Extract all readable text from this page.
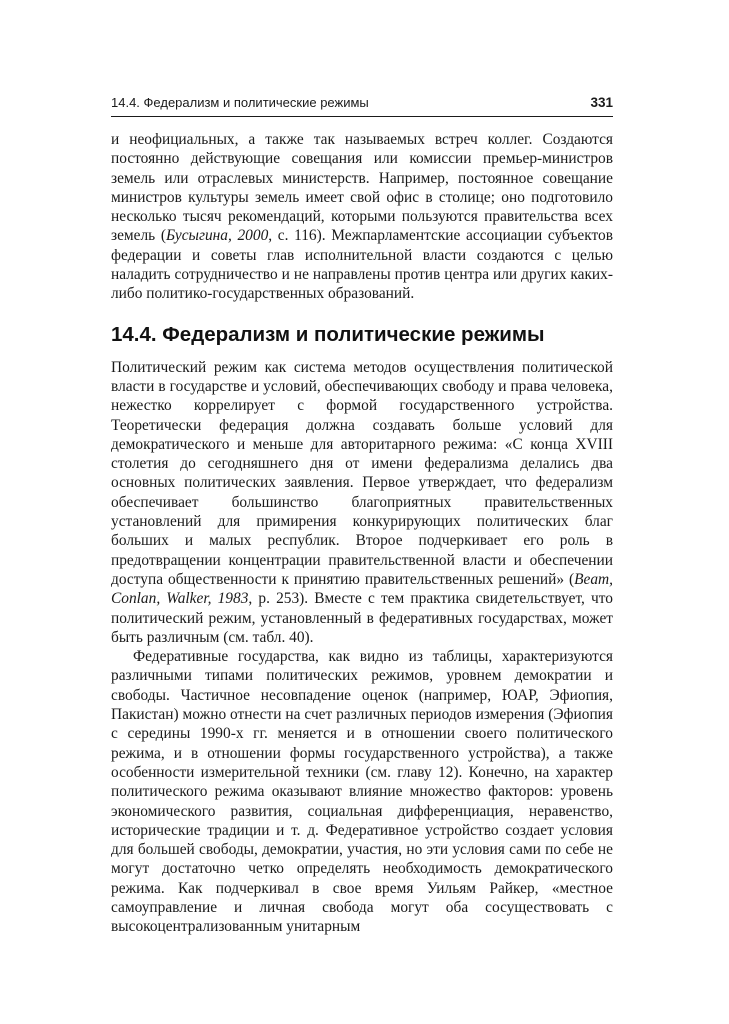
14.4. Федерализм и политические режимы	331

и неофициальных, а также так называемых встреч коллег. Создаются постоянно действующие совещания или комиссии премьер-министров земель или отраслевых министерств. Например, постоянное совещание министров культуры земель имеет свой офис в столице; оно подготовило несколько тысяч рекомендаций, которыми пользуются правительства всех земель (Бусыгина, 2000, с. 116). Межпарламентские ассоциации субъектов федерации и советы глав исполнительной власти создаются с целью наладить сотрудничество и не направлены против центра или других каких-либо политико-государственных образований.

14.4. Федерализм и политические режимы

Политический режим как система методов осуществления политической власти в государстве и условий, обеспечивающих свободу и права человека, нежестко коррелирует с формой государственного устройства. Теоретически федерация должна создавать больше условий для демократического и меньше для авторитарного режима: «С конца XVIII столетия до сегодняшнего дня от имени федерализма делались два основных политических заявления. Первое утверждает, что федерализм обеспечивает большинство благоприятных правительственных установлений для примирения конкурирующих политических благ больших и малых республик. Второе подчеркивает его роль в предотвращении концентрации правительственной власти и обеспечении доступа общественности к принятию правительственных решений» (Beam, Conlan, Walker, 1983, p. 253). Вместе с тем практика свидетельствует, что политический режим, установленный в федеративных государствах, может быть различным (см. табл. 40).

Федеративные государства, как видно из таблицы, характеризуются различными типами политических режимов, уровнем демократии и свободы. Частичное несовпадение оценок (например, ЮАР, Эфиопия, Пакистан) можно отнести на счет различных периодов измерения (Эфиопия с середины 1990-х гг. меняется и в отношении своего политического режима, и в отношении формы государственного устройства), а также особенности измерительной техники (см. главу 12). Конечно, на характер политического режима оказывают влияние множество факторов: уровень экономического развития, социальная дифференциация, неравенство, исторические традиции и т. д. Федеративное устройство создает условия для большей свободы, демократии, участия, но эти условия сами по себе не могут достаточно четко определять необходимость демократического режима. Как подчеркивал в свое время Уильям Райкер, «местное самоуправление и личная свобода могут оба сосуществовать с высокоцентрализованным унитарным
